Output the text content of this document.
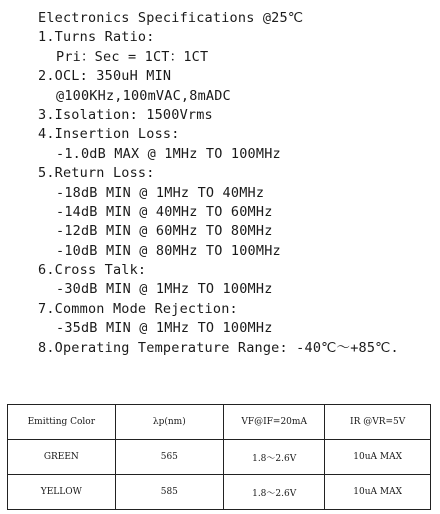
Electronics Specifications @25℃
1.Turns Ratio:
Pri：Sec = 1CT：1CT
2.OCL: 350uH MIN
@100KHz,100mVAC,8mADC
3.Isolation: 1500Vrms
4.Insertion Loss:
-1.0dB MAX @ 1MHz TO 100MHz
5.Return Loss:
-18dB MIN @ 1MHz TO 40MHz
-14dB MIN @ 40MHz TO 60MHz
-12dB MIN @ 60MHz TO 80MHz
-10dB MIN @ 80MHz TO 100MHz
6.Cross Talk:
-30dB MIN @ 1MHz TO 100MHz
7.Common Mode Rejection:
-35dB MIN @ 1MHz TO 100MHz
8.Operating Temperature Range: -40℃～+85℃.
Emitting Color	λp(nm)	VF@IF=20mA	IR @VR=5V
GREEN	565	1.8～2.6V	10uA MAX
YELLOW	585	1.8～2.6V	10uA MAX
